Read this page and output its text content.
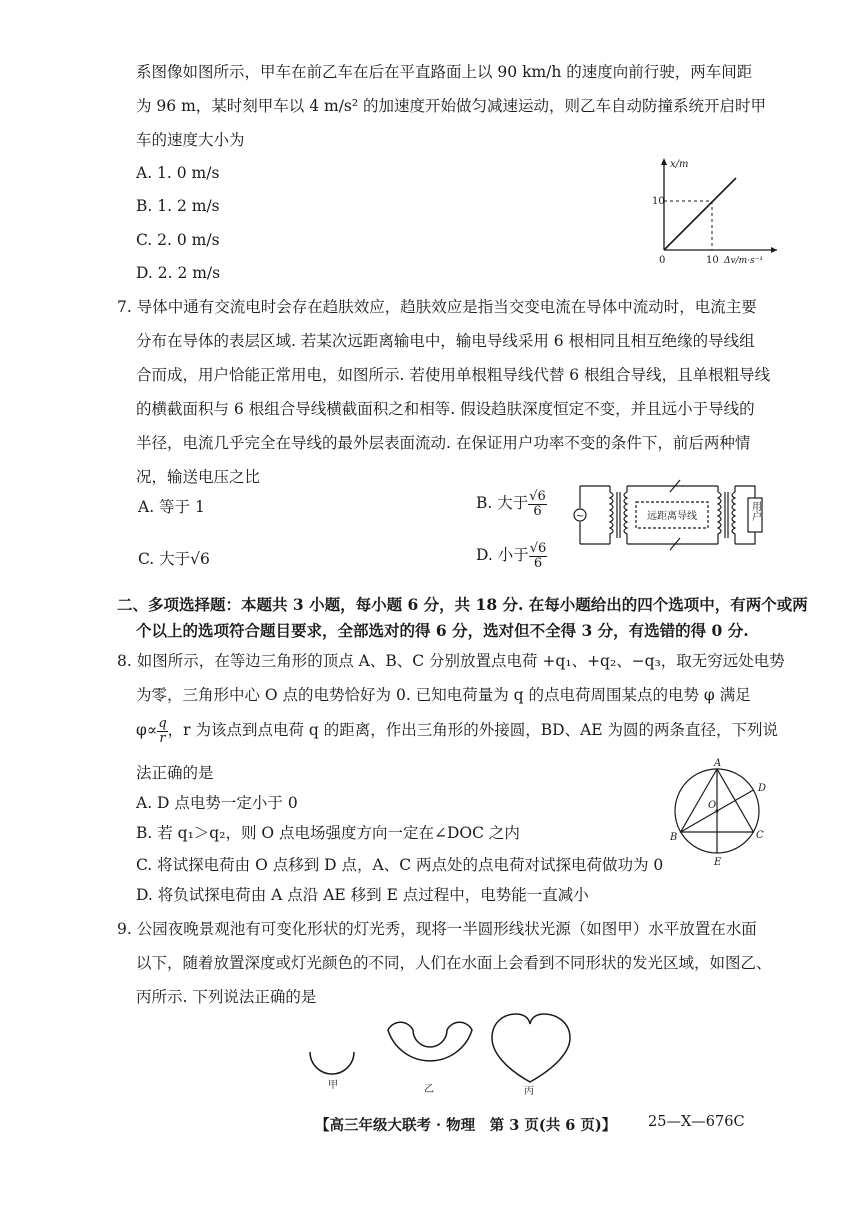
系图像如图所示，甲车在前乙车在后在平直路面上以 90 km/h 的速度向前行驶，两车间距
为 96 m，某时刻甲车以 4 m/s² 的加速度开始做匀减速运动，则乙车自动防撞系统开启时甲
车的速度大小为
A. 1. 0 m/s
B. 1. 2 m/s
C. 2. 0 m/s
D. 2. 2 m/s
x/m
10
0	10 Δv/m·s⁻¹
7. 导体中通有交流电时会存在趋肤效应，趋肤效应是指当交变电流在导体中流动时，电流主要
分布在导体的表层区域. 若某次远距离输电中，输电导线采用 6 根相同且相互绝缘的导线组
合而成，用户恰能正常用电，如图所示. 若使用单根粗导线代替 6 根组合导线，且单根粗导线
的横截面积与 6 根组合导线横截面积之和相等. 假设趋肤深度恒定不变，并且远小于导线的
半径，电流几乎完全在导线的最外层表面流动. 在保证用户功率不变的条件下，前后两种情
况，输送电压之比
A. 等于 1	B. 大于 $\frac{√6}{6}$
C. 大于√6	D. 小于 $\frac{√6}{6}$
~	远距离导线	用户
二、多项选择题：本题共 3 小题，每小题 6 分，共 18 分. 在每小题给出的四个选项中，有两个或两
个以上的选项符合题目要求，全部选对的得 6 分，选对但不全得 3 分，有选错的得 0 分.
8. 如图所示，在等边三角形的顶点 A、B、C 分别放置点电荷 +q₁、+q₂、−q₃，取无穷远处电势
为零，三角形中心 O 点的电势恰好为 0. 已知电荷量为 q 的点电荷周围某点的电势 φ 满足
$\varphi\propto \frac{q}{r}$ ，r 为该点到点电荷 q 的距离，作出三角形的外接圆，BD、AE 为圆的两条直径，下列说
法正确的是
A. D 点电势一定小于 0
B. 若 q₁＞q₂，则 O 点电场强度方向一定在∠DOC 之内
C. 将试探电荷由 O 点移到 D 点，A、C 两点处的点电荷对试探电荷做功为 0
D. 将负试探电荷由 A 点沿 AE 移到 E 点过程中，电势能一直减小
A
B	C
D
E
O
9. 公园夜晚景观池有可变化形状的灯光秀，现将一半圆形线状光源（如图甲）水平放置在水面
以下，随着放置深度或灯光颜色的不同，人们在水面上会看到不同形状的发光区域，如图乙、
丙所示. 下列说法正确的是
甲	乙	丙
【高三年级大联考 · 物理　第 3 页(共 6 页)】 25—X—676C
